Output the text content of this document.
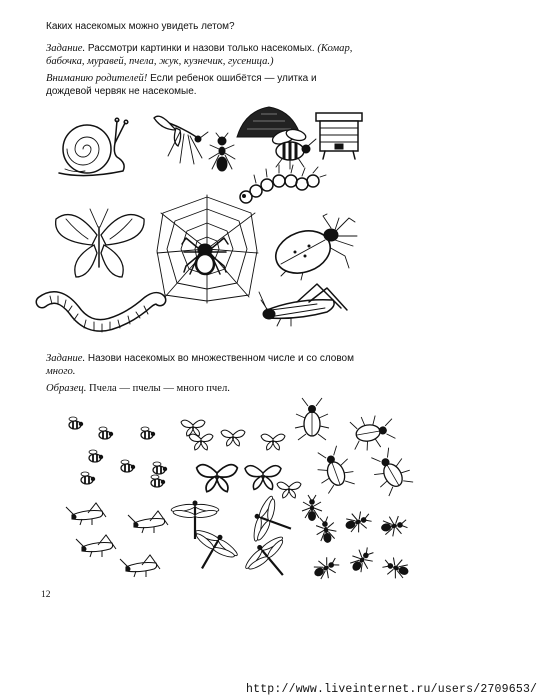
Каких насекомых можно увидеть летом?
Задание. Рассмотри картинки и назови только насекомых. (Комар,
бабочка, муравей, пчела, жук, кузнечик, гусеница.)
Вниманию родителей! Если ребенок ошибётся — улитка и
дождевой червяк не насекомые.
Задание. Назови насекомых во множественном числе и со словом
много.
Образец. Пчела — пчелы — много пчел.
12
http://www.liveinternet.ru/users/2709653/
